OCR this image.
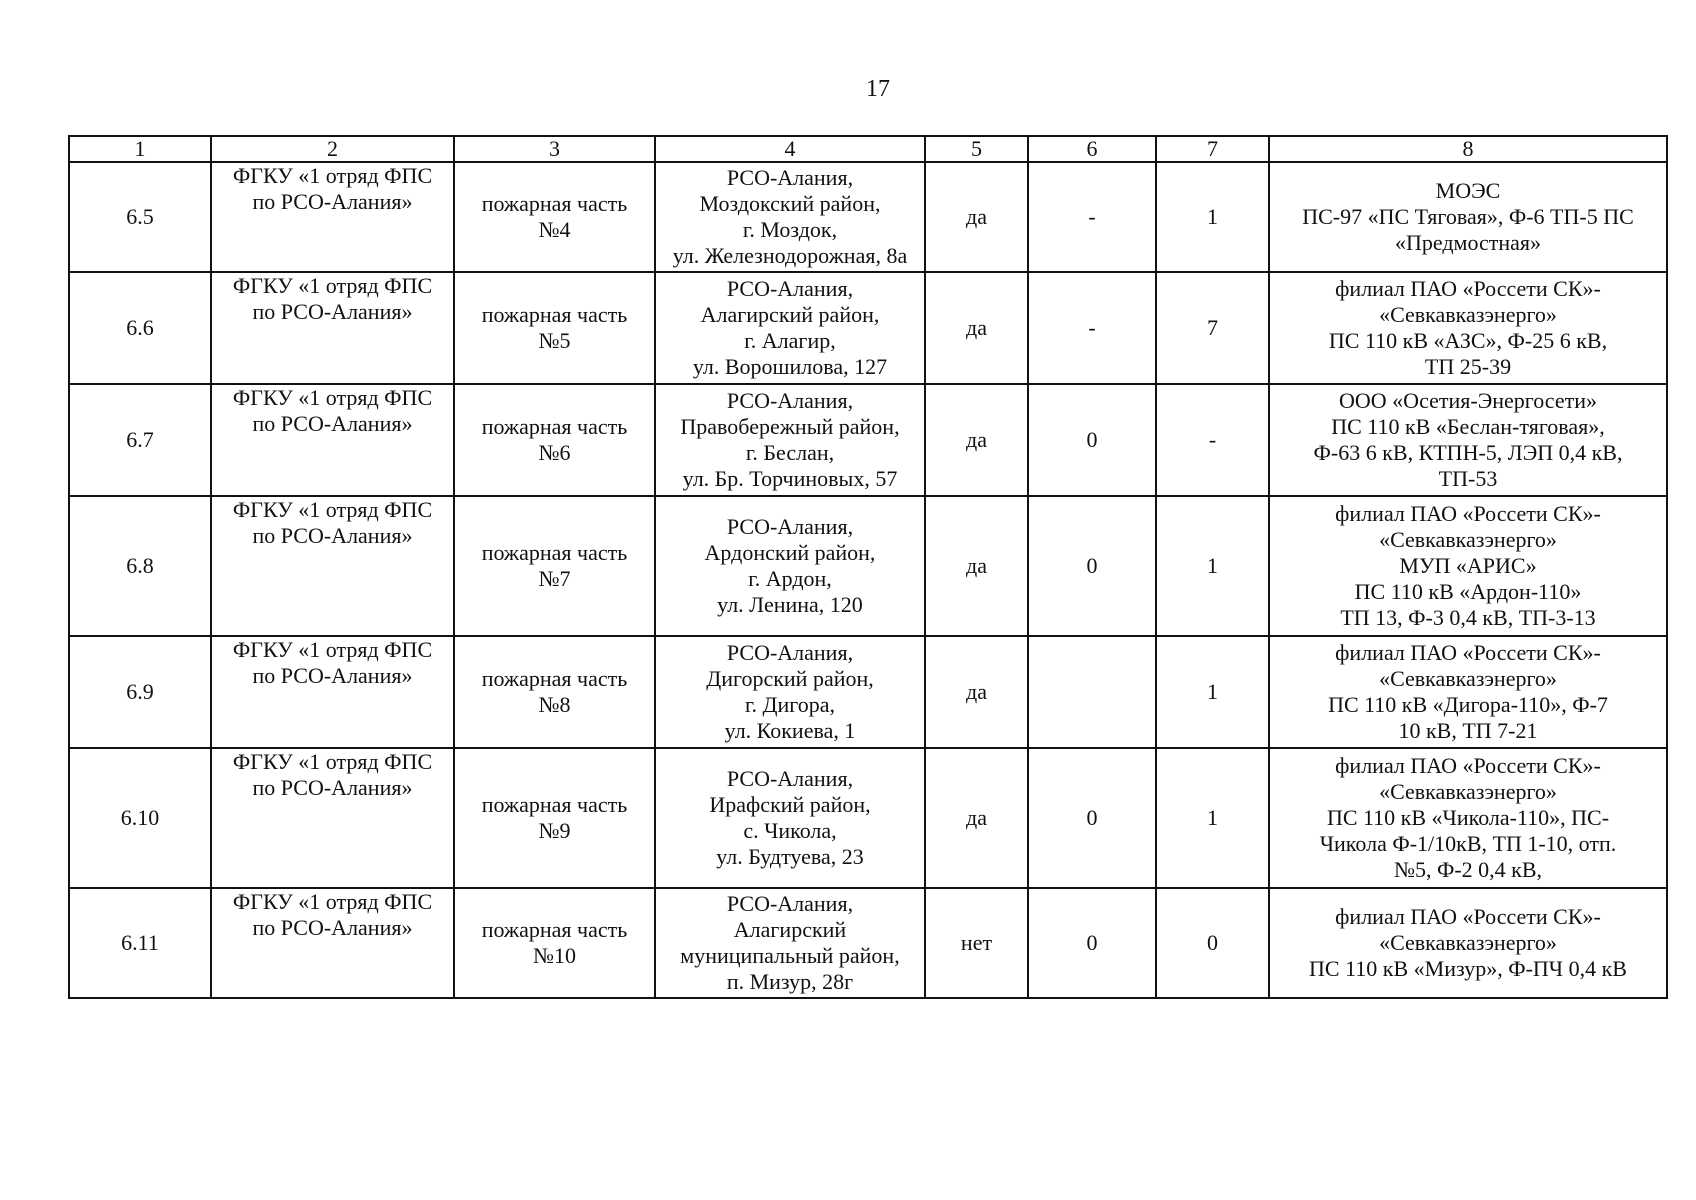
17
1	2	3	4	5	6	7	8
6.5	ФГКУ «1 отряд ФПС
по РСО-Алания»	пожарная часть
№4	РСО-Алания,
Моздокский район,
г. Моздок,
ул. Железнодорожная, 8а	да	-	1	МОЭС
ПС-97 «ПС Тяговая», Ф-6 ТП-5 ПС
«Предмостная»

6.6	ФГКУ «1 отряд ФПС
по РСО-Алания»	пожарная часть
№5	РСО-Алания,
Алагирский район,
г. Алагир,
ул. Ворошилова, 127	да	-	7	филиал ПАО «Россети СК»-
«Севкавказэнерго»
ПС 110 кВ «АЗС», Ф-25 6 кВ,
ТП 25-39

6.7	ФГКУ «1 отряд ФПС
по РСО-Алания»	пожарная часть
№6	РСО-Алания,
Правобережный район,
г. Беслан,
ул. Бр. Торчиновых, 57	да	0	-	ООО «Осетия-Энергосети»
ПС 110 кВ «Беслан-тяговая»,
Ф-63 6 кВ, КТПН-5, ЛЭП 0,4 кВ,
ТП-53

6.8	ФГКУ «1 отряд ФПС
по РСО-Алания»	пожарная часть
№7	РСО-Алания,
Ардонский район,
г. Ардон,
ул. Ленина, 120	да	0	1	филиал ПАО «Россети СК»-
«Севкавказэнерго»
МУП «АРИС»
ПС 110 кВ «Ардон-110»
ТП 13, Ф-3 0,4 кВ, ТП-3-13

6.9	ФГКУ «1 отряд ФПС
по РСО-Алания»	пожарная часть
№8	РСО-Алания,
Дигорский район,
г. Дигора,
ул. Кокиева, 1	да		1	филиал ПАО «Россети СК»-
«Севкавказэнерго»
ПС 110 кВ «Дигора-110», Ф-7
10 кВ, ТП 7-21

6.10	ФГКУ «1 отряд ФПС
по РСО-Алания»	пожарная часть
№9	РСО-Алания,
Ирафский район,
с. Чикола,
ул. Будтуева, 23	да	0	1	филиал ПАО «Россети СК»-
«Севкавказэнерго»
ПС 110 кВ «Чикола-110», ПС-
Чикола Ф-1/10кВ, ТП 1-10, отп.
№5, Ф-2 0,4 кВ,

6.11	ФГКУ «1 отряд ФПС
по РСО-Алания»	пожарная часть
№10	РСО-Алания,
Алагирский
муниципальный район,
п. Мизур, 28г	нет	0	0	филиал ПАО «Россети СК»-
«Севкавказэнерго»
ПС 110 кВ «Мизур», Ф-ПЧ 0,4 кВ
